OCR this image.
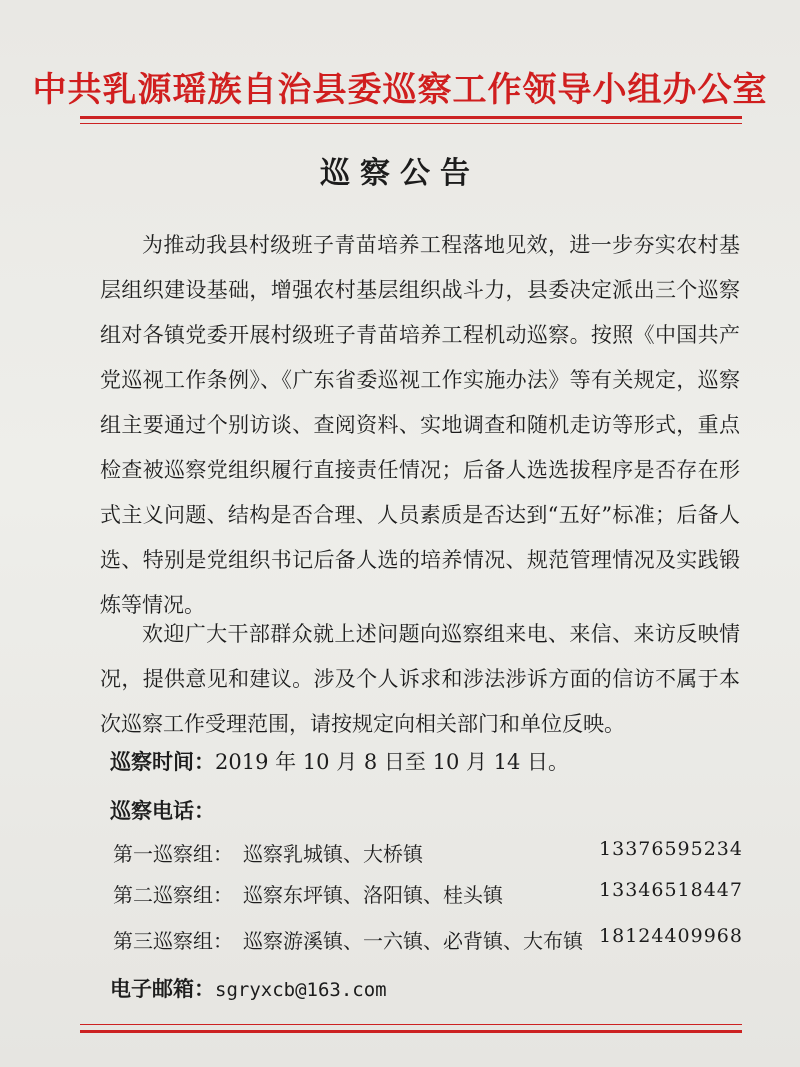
中共乳源瑶族自治县委巡察工作领导小组办公室
巡察公告
为推动我县村级班子青苗培养工程落地见效，进一步夯实农村基层组织建设基础，增强农村基层组织战斗力，县委决定派出三个巡察组对各镇党委开展村级班子青苗培养工程机动巡察。按照《中国共产党巡视工作条例》、《广东省委巡视工作实施办法》等有关规定，巡察组主要通过个别访谈、查阅资料、实地调查和随机走访等形式，重点检查被巡察党组织履行直接责任情况；后备人选选拔程序是否存在形式主义问题、结构是否合理、人员素质是否达到“五好”标准；后备人选、特别是党组织书记后备人选的培养情况、规范管理情况及实践锻炼等情况。
欢迎广大干部群众就上述问题向巡察组来电、来信、来访反映情况，提供意见和建议。涉及个人诉求和涉法涉诉方面的信访不属于本次巡察工作受理范围，请按规定向相关部门和单位反映。
巡察时间：2019 年 10 月 8 日至 10 月 14 日。
巡察电话：
第一巡察组： 巡察乳城镇、大桥镇	13376595234
第二巡察组： 巡察东坪镇、洛阳镇、桂头镇	13346518447
第三巡察组： 巡察游溪镇、一六镇、必背镇、大布镇 18124409968
电子邮箱：sgryxcb@163.com
